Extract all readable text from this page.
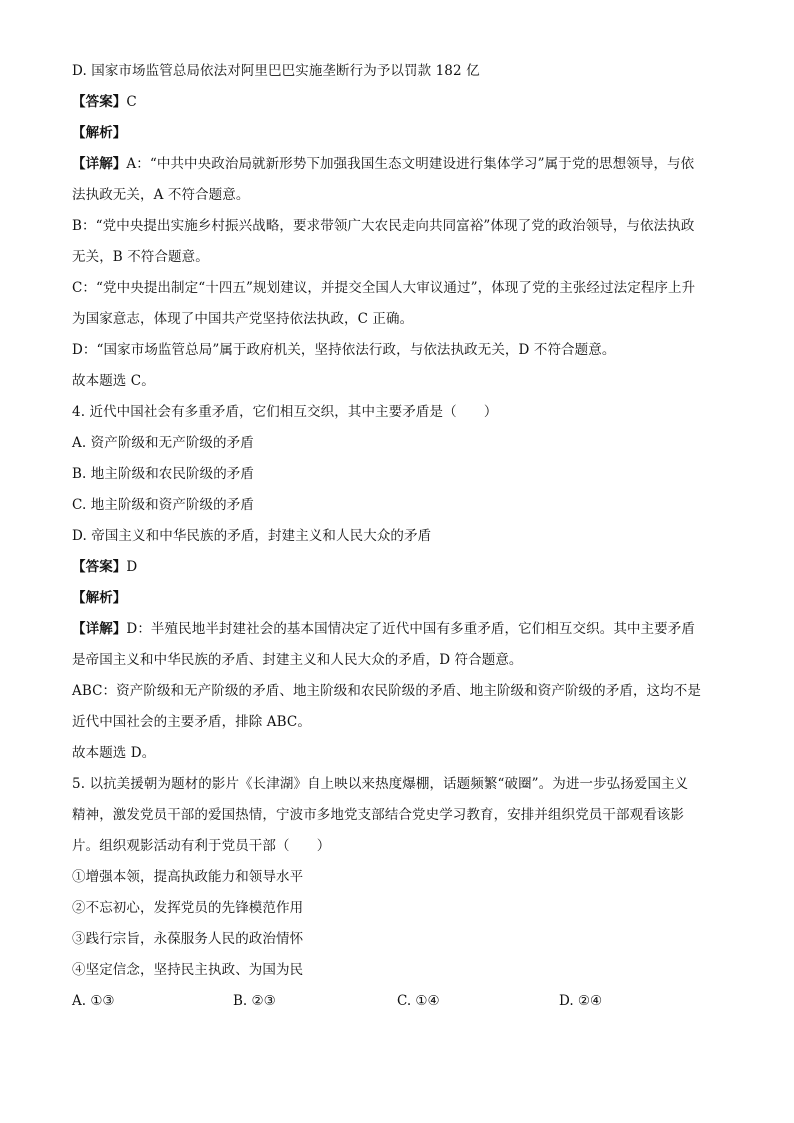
D. 国家市场监管总局依法对阿里巴巴实施垄断行为予以罚款 182 亿
【答案】C
【解析】
【详解】A：“中共中央政治局就新形势下加强我国生态文明建设进行集体学习”属于党的思想领导，与依
法执政无关，A 不符合题意。
B：“党中央提出实施乡村振兴战略，要求带领广大农民走向共同富裕”体现了党的政治领导，与依法执政
无关，B 不符合题意。
C：“党中央提出制定“十四五”规划建议，并提交全国人大审议通过”，体现了党的主张经过法定程序上升
为国家意志，体现了中国共产党坚持依法执政，C 正确。
D：“国家市场监管总局”属于政府机关，坚持依法行政，与依法执政无关，D 不符合题意。
故本题选 C。
4. 近代中国社会有多重矛盾，它们相互交织，其中主要矛盾是（　　）
A. 资产阶级和无产阶级的矛盾
B. 地主阶级和农民阶级的矛盾
C. 地主阶级和资产阶级的矛盾
D. 帝国主义和中华民族的矛盾，封建主义和人民大众的矛盾
【答案】D
【解析】
【详解】D：半殖民地半封建社会的基本国情决定了近代中国有多重矛盾，它们相互交织。其中主要矛盾
是帝国主义和中华民族的矛盾、封建主义和人民大众的矛盾，D 符合题意。
ABC：资产阶级和无产阶级的矛盾、地主阶级和农民阶级的矛盾、地主阶级和资产阶级的矛盾，这均不是
近代中国社会的主要矛盾，排除 ABC。
故本题选 D。
5. 以抗美援朝为题材的影片《长津湖》自上映以来热度爆棚，话题频繁“破圈”。为进一步弘扬爱国主义
精神，激发党员干部的爱国热情，宁波市多地党支部结合党史学习教育，安排并组织党员干部观看该影
片。组织观影活动有利于党员干部（　　）
①增强本领，提高执政能力和领导水平
②不忘初心，发挥党员的先锋模范作用
③践行宗旨，永葆服务人民的政治情怀
④坚定信念，坚持民主执政、为国为民
A. ①③	B. ②③	C. ①④	D. ②④
